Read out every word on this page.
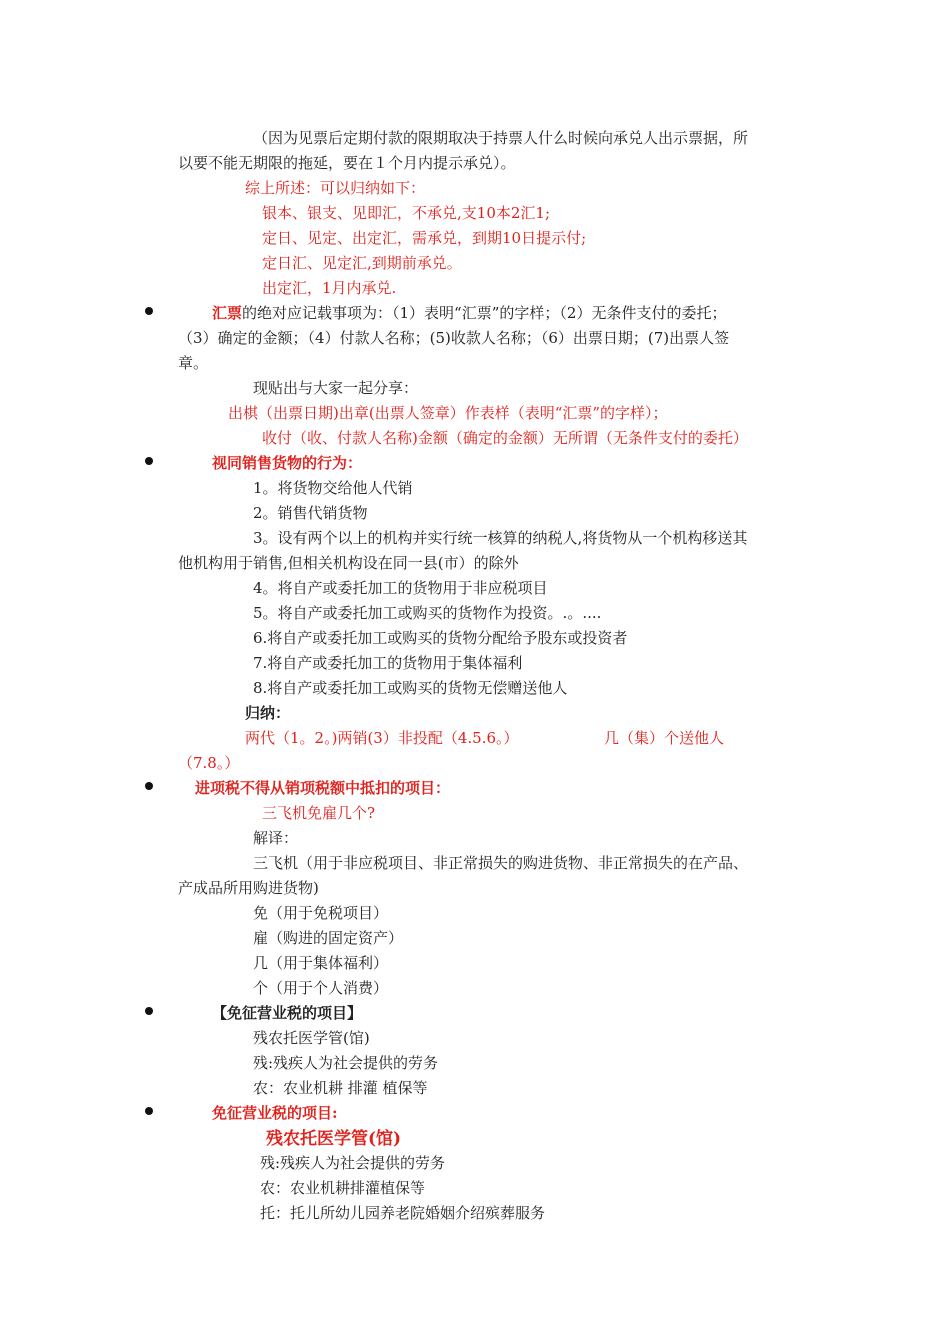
（因为见票后定期付款的限期取决于持票人什么时候向承兑人出示票据，所
以要不能无期限的拖延，要在１个月内提示承兑）。
综上所述：可以归纳如下：
银本、银支、见即汇，不承兑,支10本2汇1;
定日、见定、出定汇，需承兑，到期10日提示付;
定日汇、见定汇,到期前承兑。
出定汇，1月内承兑.
汇票的绝对应记载事项为：（1）表明“汇票”的字样；（2）无条件支付的委托；
（3）确定的金额；（4）付款人名称；(5)收款人名称；（6）出票日期；(7)出票人签
章。
现贴出与大家一起分享：
出棋（出票日期)出章(出票人签章）作表样（表明“汇票”的字样）；
收付（收、付款人名称)金额（确定的金额）无所谓（无条件支付的委托）
视同销售货物的行为：
1。将货物交给他人代销
2。销售代销货物
3。设有两个以上的机构并实行统一核算的纳税人,将货物从一个机构移送其
他机构用于销售,但相关机构设在同一县(市）的除外
4。将自产或委托加工的货物用于非应税项目
5。将自产或委托加工或购买的货物作为投资。.。....
6.将自产或委托加工或购买的货物分配给予股东或投资者
7.将自产或委托加工的货物用于集体福利
8.将自产或委托加工或购买的货物无偿赠送他人
归纳：
两代（1。2。)两销(3）非投配（4.5.6。）	几（集）个送他人
（7.8。）
进项税不得从销项税额中抵扣的项目：
三飞机免雇几个?
解译：
三飞机（用于非应税项目、非正常损失的购进货物、非正常损失的在产品、
产成品所用购进货物)
免（用于免税项目）
雇（购进的固定资产）
几（用于集体福利）
个（用于个人消费）
【免征营业税的项目】
残农托医学管(馆)
残:残疾人为社会提供的劳务
农：农业机耕 排灌 植保等
免征营业税的项目:
残农托医学管(馆)
残:残疾人为社会提供的劳务
农：农业机耕排灌植保等
托：托儿所幼儿园养老院婚姻介绍殡葬服务
